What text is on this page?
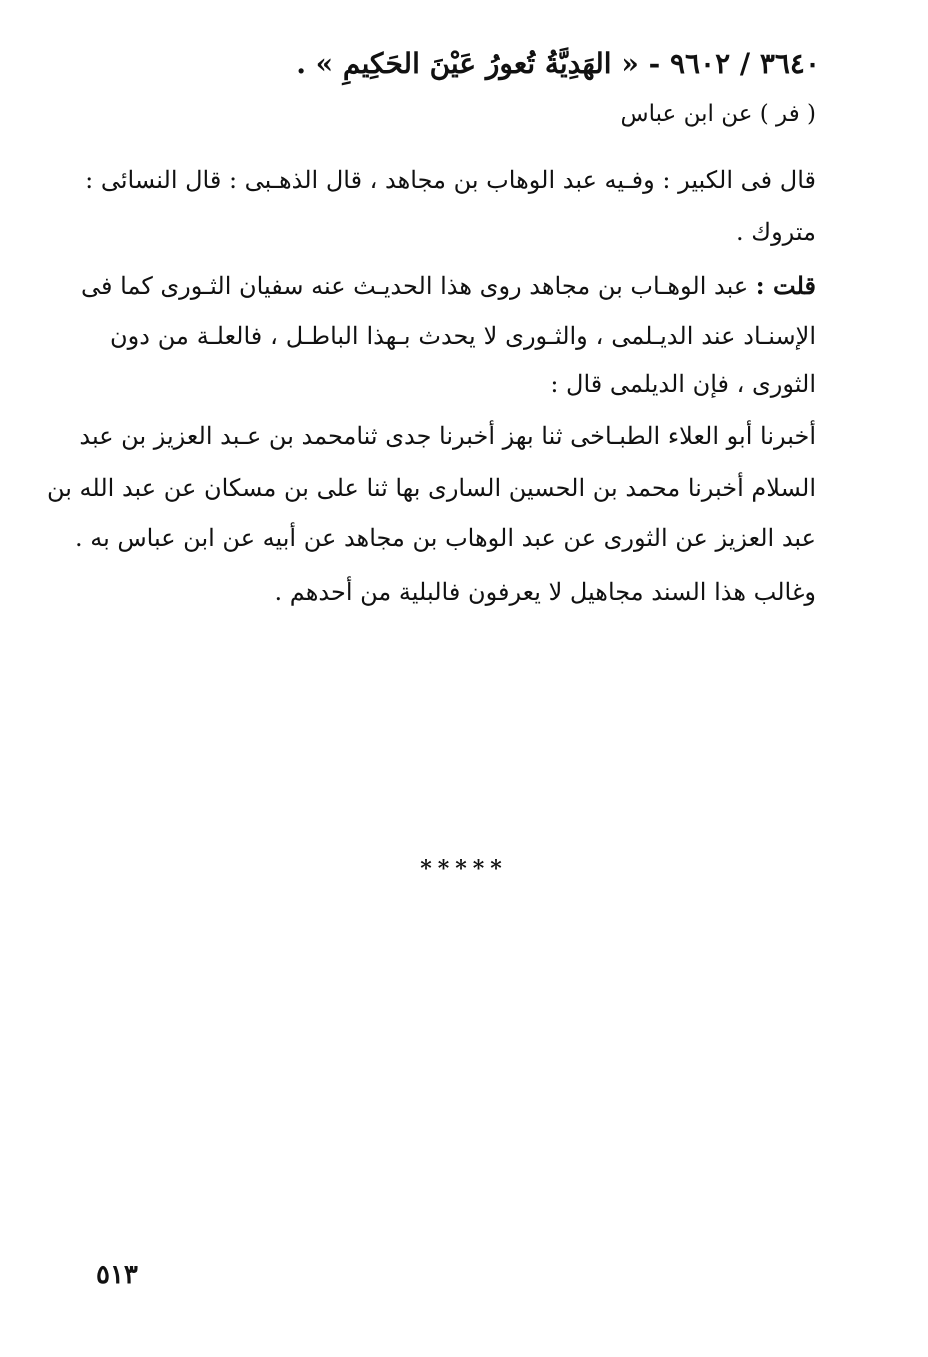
٣٦٤٠ / ٩٦٠٢ - « الهَدِيَّةُ تُعورُ عَيْنَ الحَكِيمِ » .
( فر ) عن ابن عباس
قال فى الكبير : وفـيه عبد الوهاب بن مجاهد ، قال الذهـبى : قال النسائى :
متروك .
قلت : عبد الوهـاب بن مجاهد روى هذا الحديـث عنه سفيان الثـورى كما فى
الإسنـاد عند الديـلمى ، والثـورى لا يحدث بـهذا الباطـل ، فالعلـة من دون
الثورى ، فإن الديلمى قال :
أخبرنا أبو العلاء الطبـاخى ثنا بهز أخبرنا جدى ثنامحمد بن عـبد العزيز بن عبد
السلام أخبرنا محمد بن الحسين السارى بها ثنا على بن مسكان عن عبد الله بن
عبد العزيز عن الثورى عن عبد الوهاب بن مجاهد عن أبيه عن ابن عباس به .
وغالب هذا السند مجاهيل لا يعرفون فالبلية من أحدهم .
*****
٥١٣
